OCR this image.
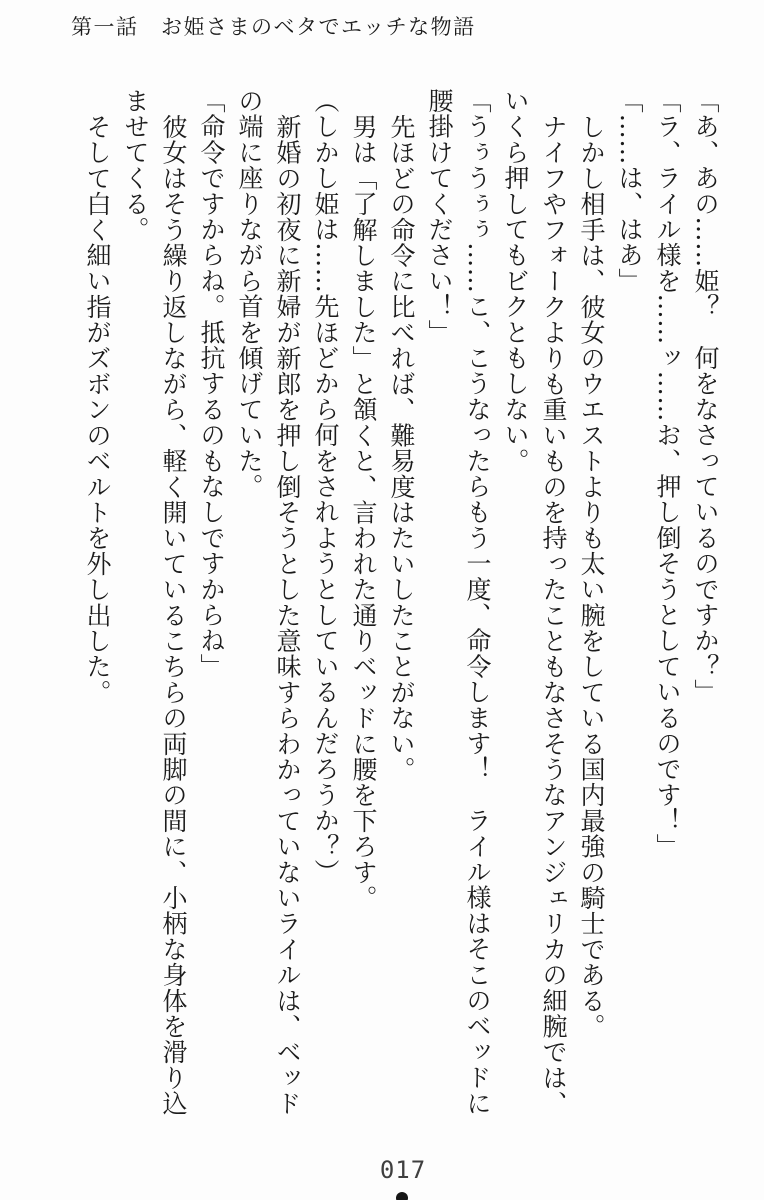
第一話　お姫さまのベタでエッチな物語
「あ、あの……姫？　何をなさっているのですか？」
「ラ、ライル様を……ッ……お、押し倒そうとしているのです！」
「……は、はあ」
しかし相手は、彼女のウエストよりも太い腕をしている国内最強の騎士である。
ナイフやフォークよりも重いものを持ったこともなさそうなアンジェリカの細腕では、
いくら押してもビクともしない。
「うぅうぅぅ……こ、こうなったらもう一度、命令します！　ライル様はそこのベッドに
腰掛けてください！」
先ほどの命令に比べれば、難易度はたいしたことがない。
男は「了解しました」と頷くと、言われた通りベッドに腰を下ろす。
（しかし姫は……先ほどから何をされようとしているんだろうか？）
新婚の初夜に新婦が新郎を押し倒そうとした意味すらわかっていないライルは、ベッド
の端に座りながら首を傾げていた。
「命令ですからね。抵抗するのもなしですからね」
彼女はそう繰り返しながら、軽く開いているこちらの両脚の間に、小柄な身体を滑り込
ませてくる。
そして白く細い指がズボンのベルトを外し出した。
017
